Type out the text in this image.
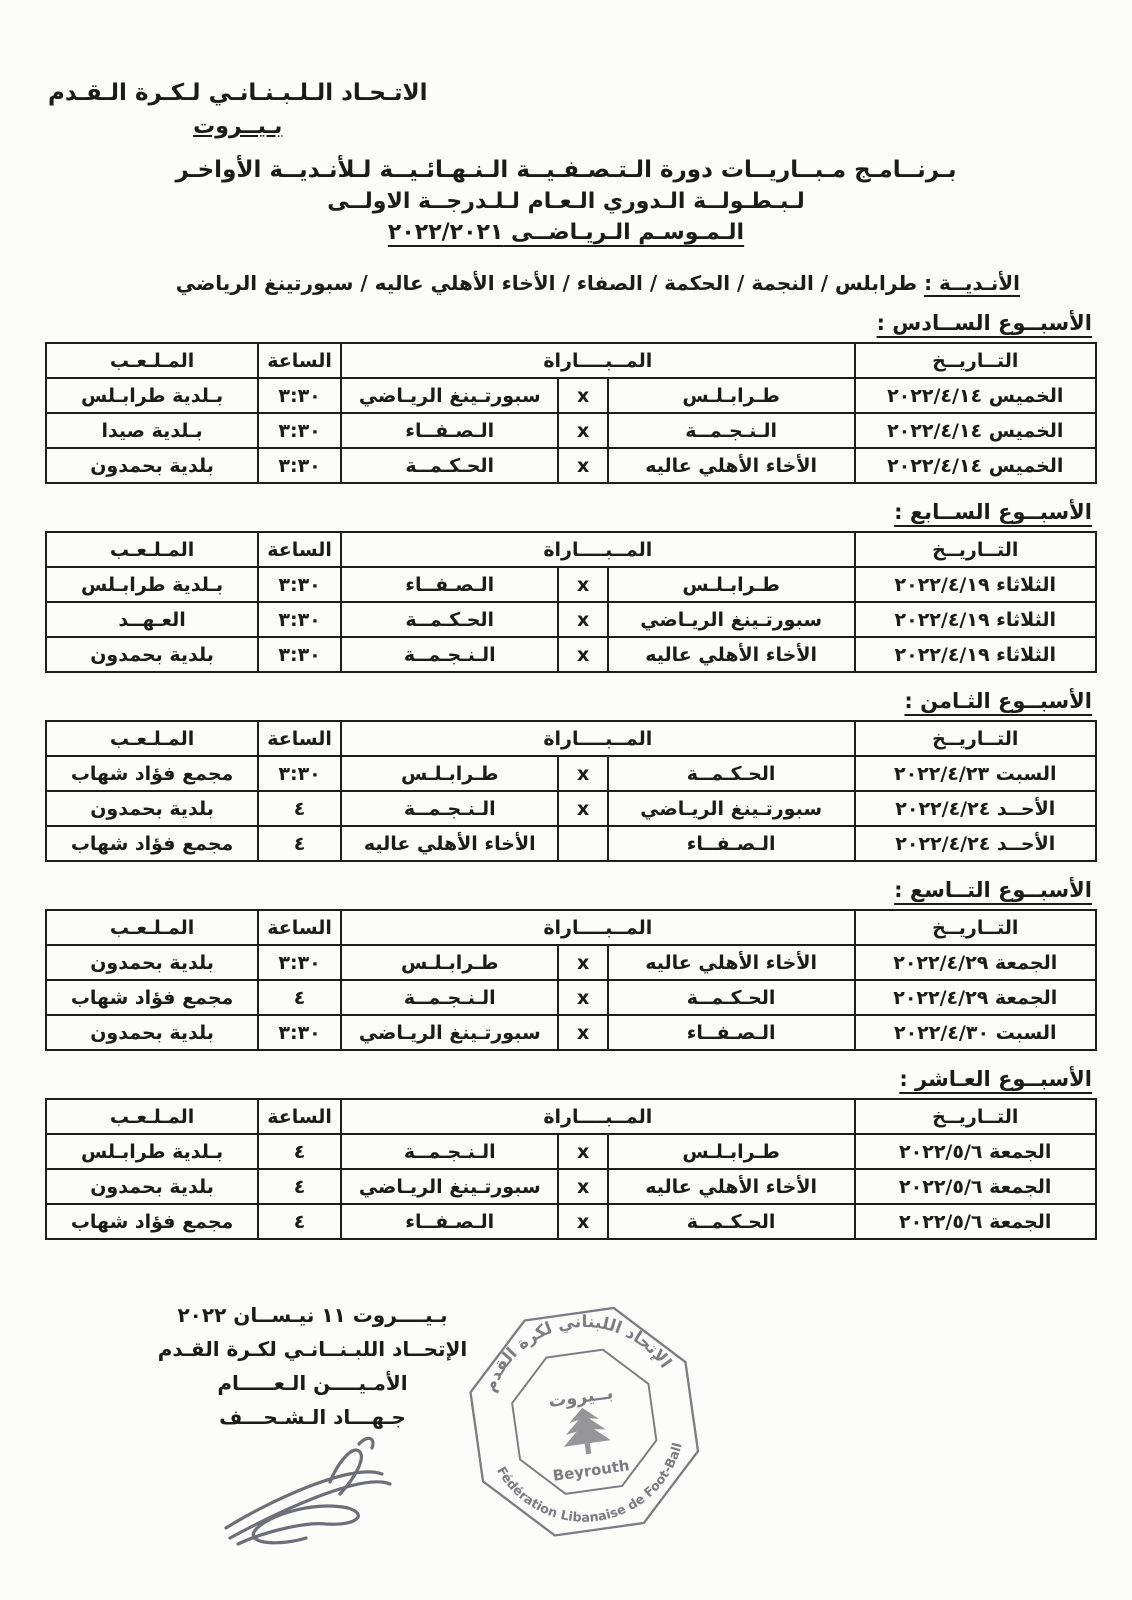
الاتـحـاد الـلـبـنـانـي لـكـرة الـقـدم
بـيــروت
بـرنــامـج مـبــاريــات دورة الـتـصـفـيــة الـنـهـائـيــة لـلأنـديــة الأواخـر
لـبـطـولــة الـدوري الـعـام لـلـدرجــة الاولــى
الـمـوسـم الـريـاضــى ٢٠٢٢/٢٠٢١
الأنـديــة : طرابلس / النجمة / الحكمة / الصفاء / الأخاء الأهلي عاليه / سبورتينغ الرياضي
الأسبــوع الســادس :
التــاريــخ	المــبــــاراة			الساعة	المـلـعـب
الخميس ٢٠٢٢/٤/١٤	طـرابـلـس	x	سبورتـينغ الريـاضي	٣:٣٠	بـلدية طرابـلس
الخميس ٢٠٢٢/٤/١٤	الـنـجـمــة	x	الـصـفــاء	٣:٣٠	بـلدية صيدا
الخميس ٢٠٢٢/٤/١٤	الأخاء الأهلي عاليه	x	الحـكـمــة	٣:٣٠	بلدية بحمدون
الأسبــوع الســابع :
التــاريــخ	المــبــــاراة			الساعة	المـلـعـب
الثلاثاء ٢٠٢٢/٤/١٩	طـرابـلـس	x	الـصـفــاء	٣:٣٠	بـلدية طرابـلس
الثلاثاء ٢٠٢٢/٤/١٩	سبورتـينغ الريـاضي	x	الحـكـمــة	٣:٣٠	العـهــد
الثلاثاء ٢٠٢٢/٤/١٩	الأخاء الأهلي عاليه	x	الـنـجـمــة	٣:٣٠	بلدية بحمدون
الأسبــوع الثـامن :
التــاريــخ	المــبــــاراة			الساعة	المـلـعـب
السبت ٢٠٢٢/٤/٢٣	الحـكـمــة	x	طـرابـلـس	٣:٣٠	مجمع فؤاد شهاب
الأحــد ٢٠٢٢/٤/٢٤	سبورتـينغ الريـاضي	x	الـنـجـمــة	٤	بلدية بحمدون
الأحــد ٢٠٢٢/٤/٢٤	الـصـفــاء		الأخاء الأهلي عاليه	٤	مجمع فؤاد شهاب
الأسبــوع التــاسع :
التــاريــخ	المــبــــاراة			الساعة	المـلـعـب
الجمعة ٢٠٢٢/٤/٢٩	الأخاء الأهلي عاليه	x	طـرابـلـس	٣:٣٠	بلدية بحمدون
الجمعة ٢٠٢٢/٤/٢٩	الحـكـمــة	x	الـنـجـمــة	٤	مجمع فؤاد شهاب
السبت ٢٠٢٢/٤/٣٠	الـصـفــاء	x	سبورتـينغ الريـاضي	٣:٣٠	بلدية بحمدون
الأسبــوع العـاشر :
التــاريــخ	المــبــــاراة			الساعة	المـلـعـب
الجمعة ٢٠٢٢/٥/٦	طـرابـلـس	x	الـنـجـمــة	٤	بـلدية طرابـلس
الجمعة ٢٠٢٢/٥/٦	الأخاء الأهلي عاليه	x	سبورتـينغ الريـاضي	٤	بلدية بحمدون
الجمعة ٢٠٢٢/٥/٦	الحـكـمــة	x	الـصـفــاء	٤	مجمع فؤاد شهاب
بـيــــروت ١١ نيـســان ٢٠٢٢
الإتحــاد اللبـنــانـي لكـرة القـدم
الأمـيــــن الـعـــــام
جـهـــاد الـشـحـــف
الإتحاد اللبناني لكرة القدم
Fédération Libanaise de Foot-Ball
بــيروت
Beyrouth
